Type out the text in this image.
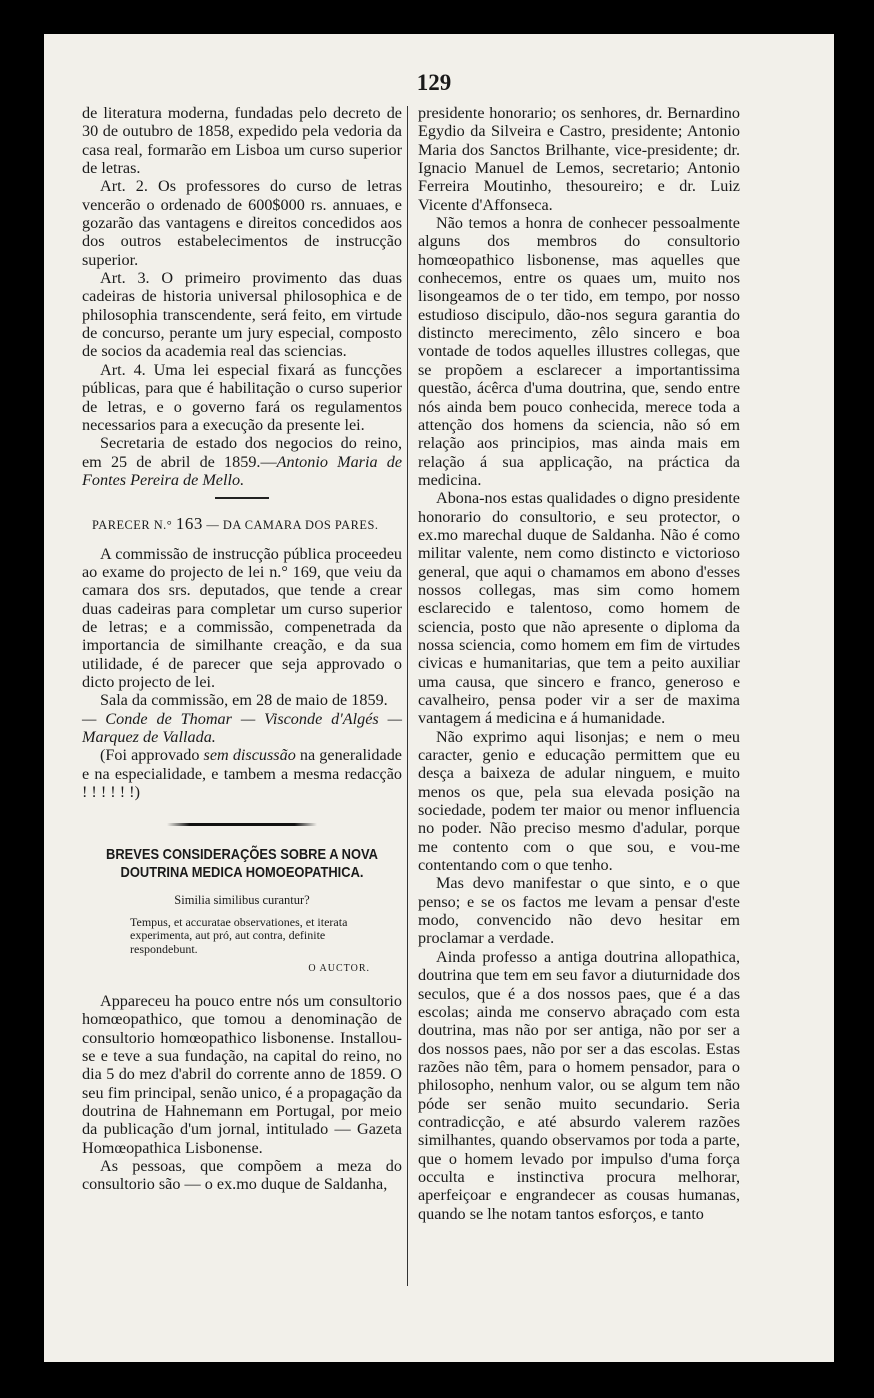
129

de literatura moderna, fundadas pelo decreto de 30 de outubro de 1858, expedido pela vedoria da casa real, formarão em Lisboa um curso superior de letras.

Art. 2. Os professores do curso de letras vencerão o ordenado de 600$000 rs. annuaes, e gozarão das vantagens e direitos concedidos aos dos outros estabelecimentos de instrucção superior.

Art. 3. O primeiro provimento das duas cadeiras de historia universal philosophica e de philosophia transcendente, será feito, em virtude de concurso, perante um jury especial, composto de socios da academia real das sciencias.

Art. 4. Uma lei especial fixará as funcções públicas, para que é habilitação o curso superior de letras, e o governo fará os regulamentos necessarios para a execução da presente lei.

Secretaria de estado dos negocios do reino, em 25 de abril de 1859.—Antonio Maria de Fontes Pereira de Mello.

PARECER N.° 163 — DA CAMARA DOS PARES.

A commissão de instrucção pública proceedeu ao exame do projecto de lei n.° 169, que veiu da camara dos srs. deputados, que tende a crear duas cadeiras para completar um curso superior de letras; e a commissão, compenetrada da importancia de similhante creação, e da sua utilidade, é de parecer que seja approvado o dicto projecto de lei.

Sala da commissão, em 28 de maio de 1859.

— Conde de Thomar — Visconde d'Algés — Marquez de Vallada.

(Foi approvado sem discussão na generalidade e na especialidade, e tambem a mesma redacção ! ! ! ! ! !)

BREVES CONSIDERAÇÕES SOBRE A NOVA DOUTRINA MEDICA HOMOEOPATHICA.
Similia similibus curantur?
Tempus, et accuratae observationes, et iterata experimenta, aut pró, aut contra, definite respondebunt.
O AUCTOR.

Appareceu ha pouco entre nós um consultorio homœopathico, que tomou a denominação de consultorio homœopathico lisbonense. Installou-se e teve a sua fundação, na capital do reino, no dia 5 do mez d'abril do corrente anno de 1859. O seu fim principal, senão unico, é a propagação da doutrina de Hahnemann em Portugal, por meio da publicação d'um jornal, intitulado — Gazeta Homœopathica Lisbonense.

As pessoas, que compõem a meza do consultorio são — o ex.mo duque de Saldanha,

presidente honorario; os senhores, dr. Bernardino Egydio da Silveira e Castro, presidente; Antonio Maria dos Sanctos Brilhante, vice-presidente; dr. Ignacio Manuel de Lemos, secretario; Antonio Ferreira Moutinho, thesoureiro; e dr. Luiz Vicente d'Affonseca.

Não temos a honra de conhecer pessoalmente alguns dos membros do consultorio homœopathico lisbonense, mas aquelles que conhecemos, entre os quaes um, muito nos lisongeamos de o ter tido, em tempo, por nosso estudioso discipulo, dão-nos segura garantia do distincto merecimento, zêlo sincero e boa vontade de todos aquelles illustres collegas, que se propõem a esclarecer a importantissima questão, ácêrca d'uma doutrina, que, sendo entre nós ainda bem pouco conhecida, merece toda a attenção dos homens da sciencia, não só em relação aos principios, mas ainda mais em relação á sua applicação, na práctica da medicina.

Abona-nos estas qualidades o digno presidente honorario do consultorio, e seu protector, o ex.mo marechal duque de Saldanha. Não é como militar valente, nem como distincto e victorioso general, que aqui o chamamos em abono d'esses nossos collegas, mas sim como homem esclarecido e talentoso, como homem de sciencia, posto que não apresente o diploma da nossa sciencia, como homem em fim de virtudes civicas e humanitarias, que tem a peito auxiliar uma causa, que sincero e franco, generoso e cavalheiro, pensa poder vir a ser de maxima vantagem á medicina e á humanidade.

Não exprimo aqui lisonjas; e nem o meu caracter, genio e educação permittem que eu desça a baixeza de adular ninguem, e muito menos os que, pela sua elevada posição na sociedade, podem ter maior ou menor influencia no poder. Não preciso mesmo d'adular, porque me contento com o que sou, e vou-me contentando com o que tenho.

Mas devo manifestar o que sinto, e o que penso; e se os factos me levam a pensar d'este modo, convencido não devo hesitar em proclamar a verdade.

Ainda professo a antiga doutrina allopathica, doutrina que tem em seu favor a diuturnidade dos seculos, que é a dos nossos paes, que é a das escolas; ainda me conservo abraçado com esta doutrina, mas não por ser antiga, não por ser a dos nossos paes, não por ser a das escolas. Estas razões não têm, para o homem pensador, para o philosopho, nenhum valor, ou se algum tem não póde ser senão muito secundario. Seria contradicção, e até absurdo valerem razões similhantes, quando observamos por toda a parte, que o homem levado por impulso d'uma força occulta e instinctiva procura melhorar, aperfeiçoar e engrandecer as cousas humanas, quando se lhe notam tantos esforços, e tanto
